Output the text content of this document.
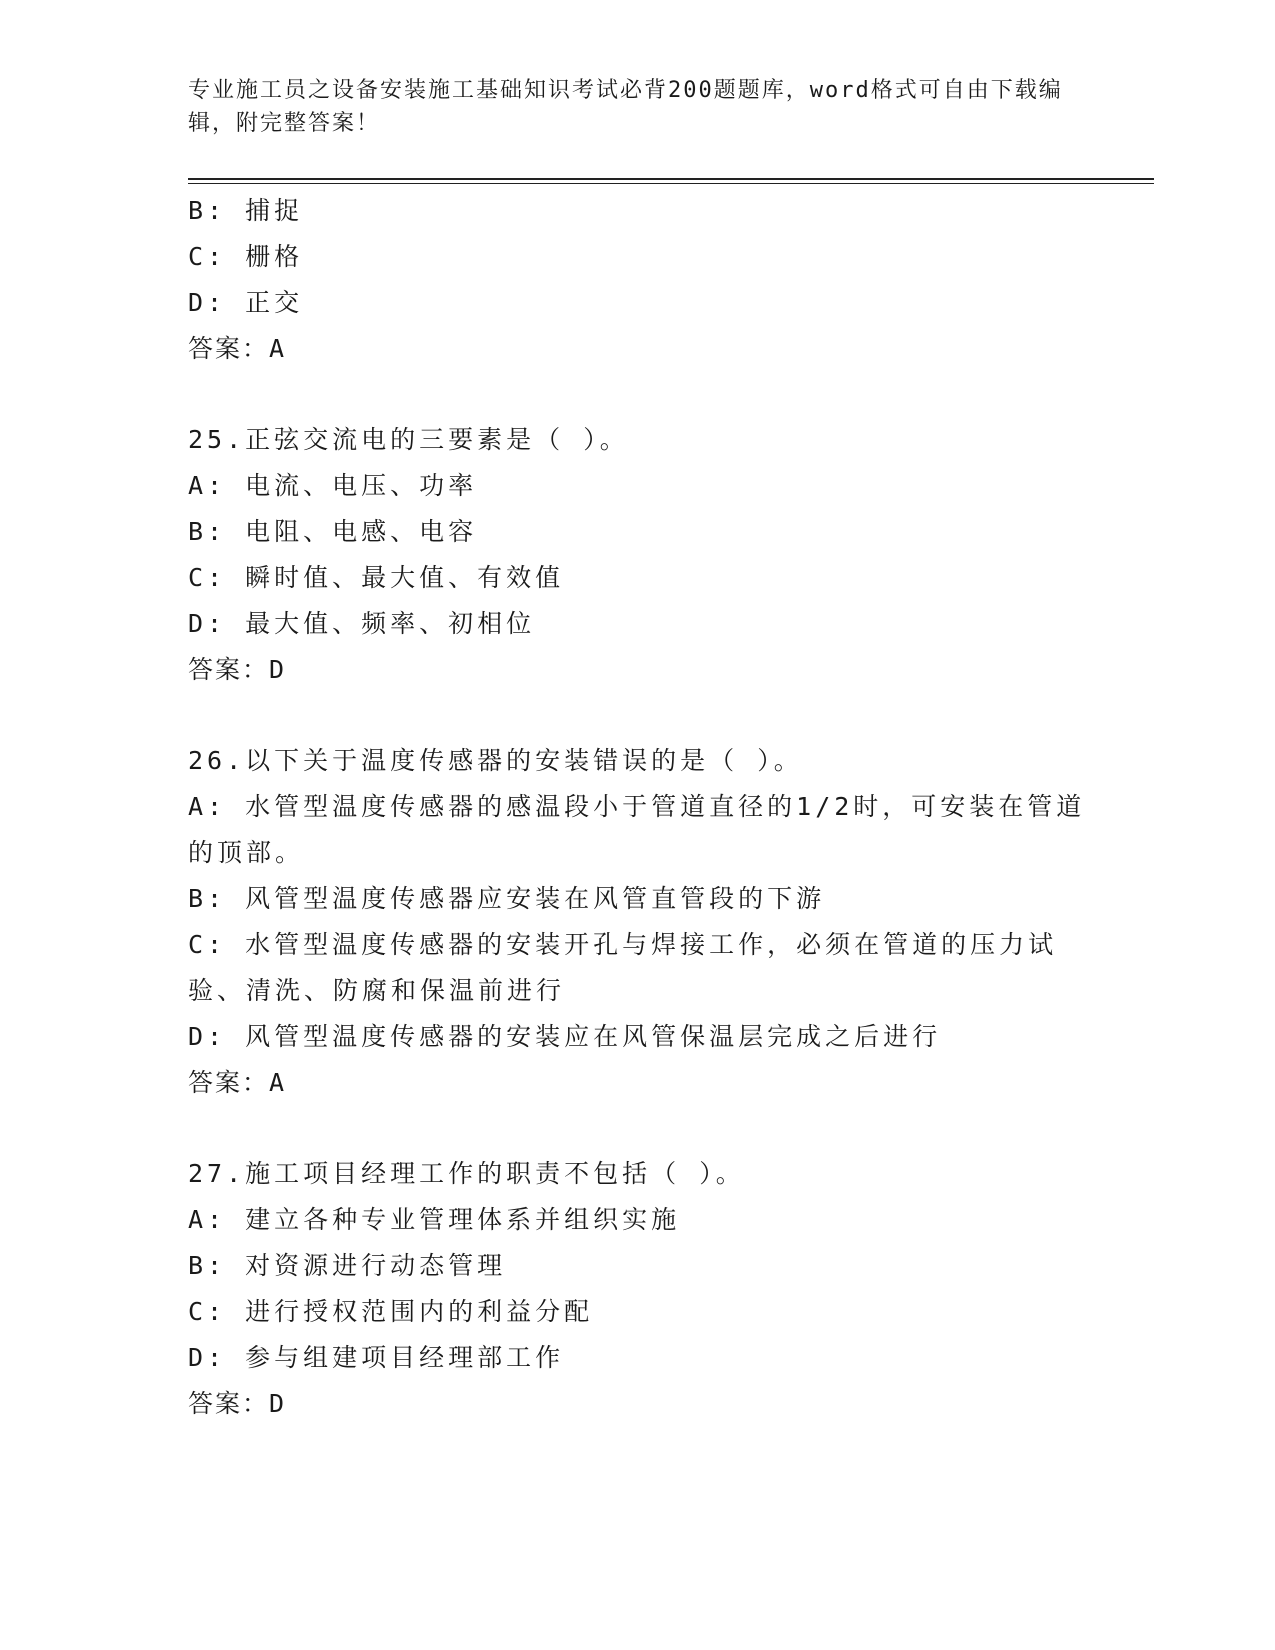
专业施工员之设备安装施工基础知识考试必背200题题库，word格式可自由下载编辑，附完整答案！
B: 捕捉
C: 栅格
D: 正交
答案：A
25.正弦交流电的三要素是（ ）。
A: 电流、电压、功率
B: 电阻、电感、电容
C: 瞬时值、最大值、有效值
D: 最大值、频率、初相位
答案：D
26.以下关于温度传感器的安装错误的是（ ）。
A: 水管型温度传感器的感温段小于管道直径的1/2时，可安装在管道的顶部。
B: 风管型温度传感器应安装在风管直管段的下游
C: 水管型温度传感器的安装开孔与焊接工作，必须在管道的压力试验、清洗、防腐和保温前进行
D: 风管型温度传感器的安装应在风管保温层完成之后进行
答案：A
27.施工项目经理工作的职责不包括（ ）。
A: 建立各种专业管理体系并组织实施
B: 对资源进行动态管理
C: 进行授权范围内的利益分配
D: 参与组建项目经理部工作
答案：D
